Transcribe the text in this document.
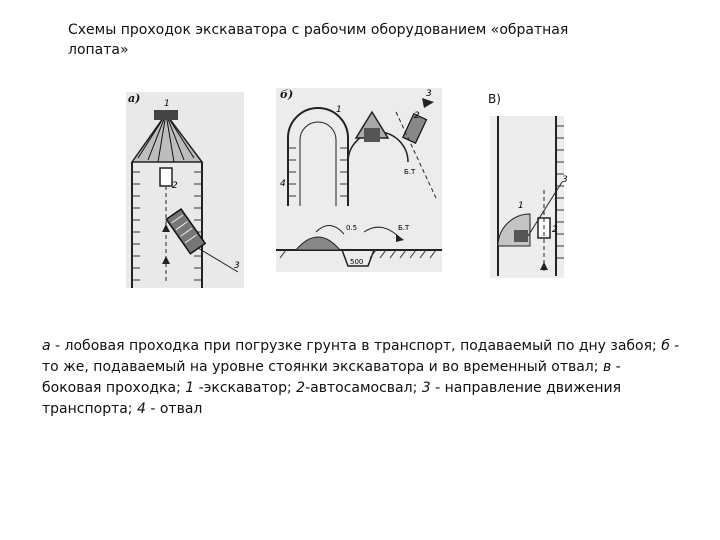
Схемы проходок экскаватора с рабочим оборудованием «обратная лопата»
1
2
3
а)
1
2
3
4
0.5	Б.Т
Б.Т
500
б)	В)
1
2
3
а - лобовая проходка при погрузке грунта в транспорт, подаваемый по дну забоя; б - то же, подаваемый на уровне стоянки экскаватора и во временный отвал; в - боковая проходка; 1 -экскаватор; 2-автосамосвал; 3 - направление движения транспорта; 4 - отвал
